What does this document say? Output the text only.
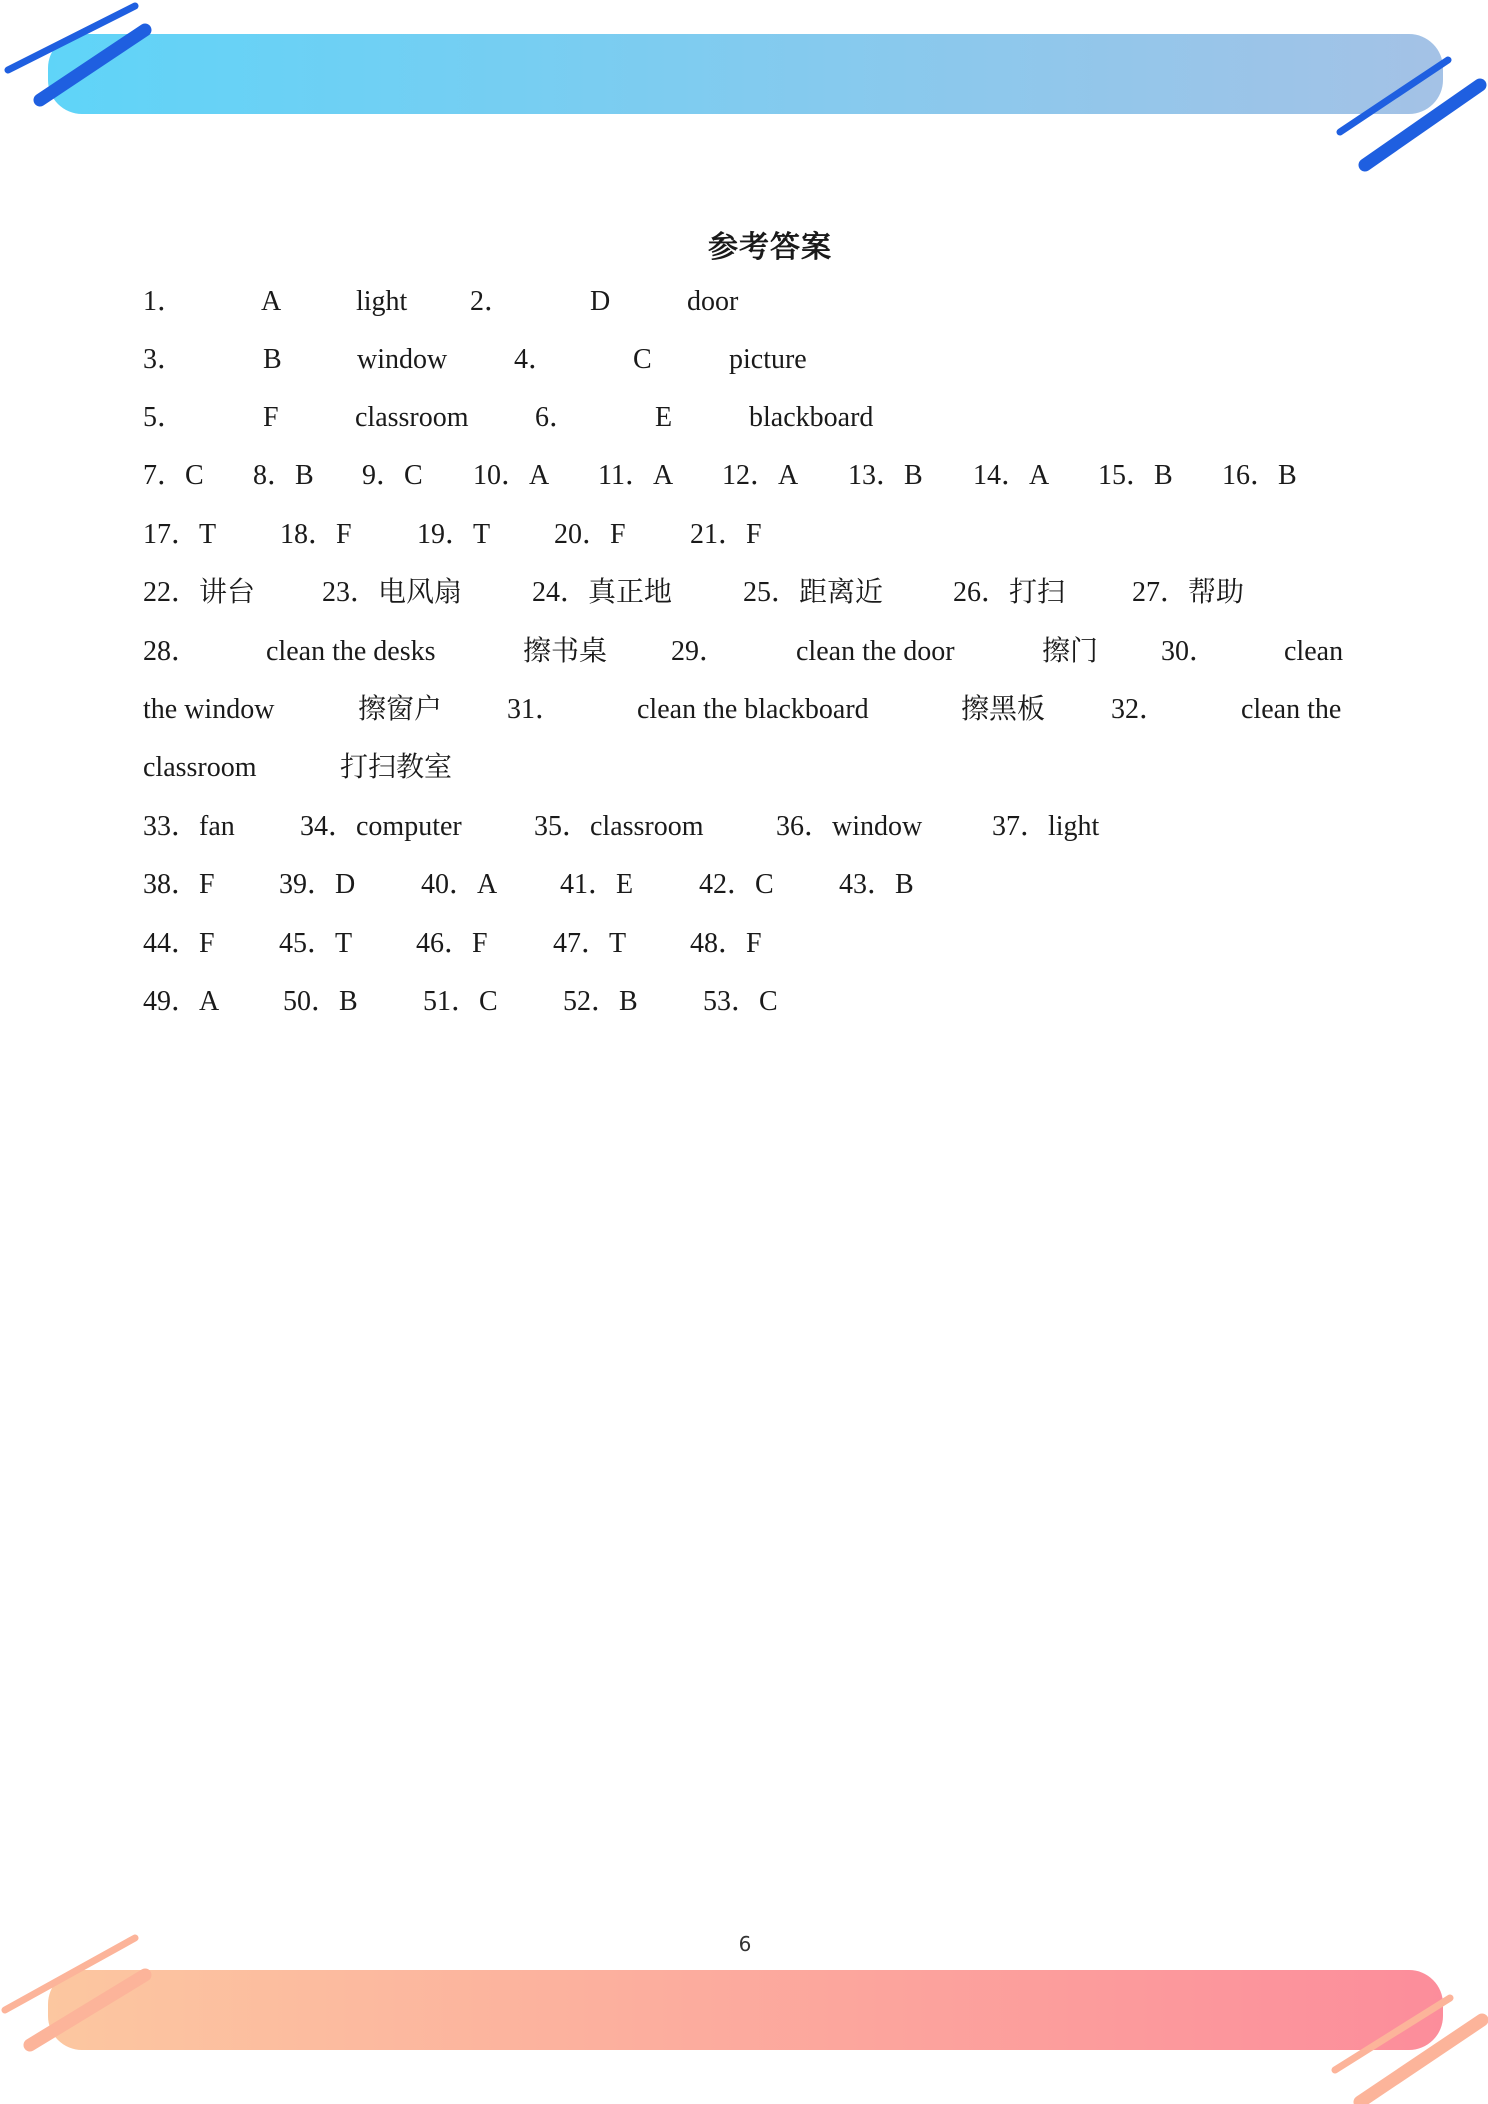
参考答案
1．	A	light 2．	D	door
3．	B	window 4．	C	picture
5．	F	classroom 6．	E	blackboard
7．C 8．B 9．C 10．A 11．A 12．A 13．B 14．A 15．B 16．B
17．T 18．F 19．T 20．F 21．F
22．讲台 23．电风扇 24．真正地	25．距离近 26．打扫 27．帮助
28． clean the desks	擦书桌 29． clean the door	擦门 30． clean
the window	擦窗户 31．	clean the blackboard	擦黑板 32．	clean the
classroom	打扫教室
33．fan 34．computer	35．classroom	36．window 37．light
38．F 39．D 40．A 41．E 42．C 43．B
44．F 45．T 46．F 47．T 48．F
49．A 50．B 51．C 52．B 53．C
6
